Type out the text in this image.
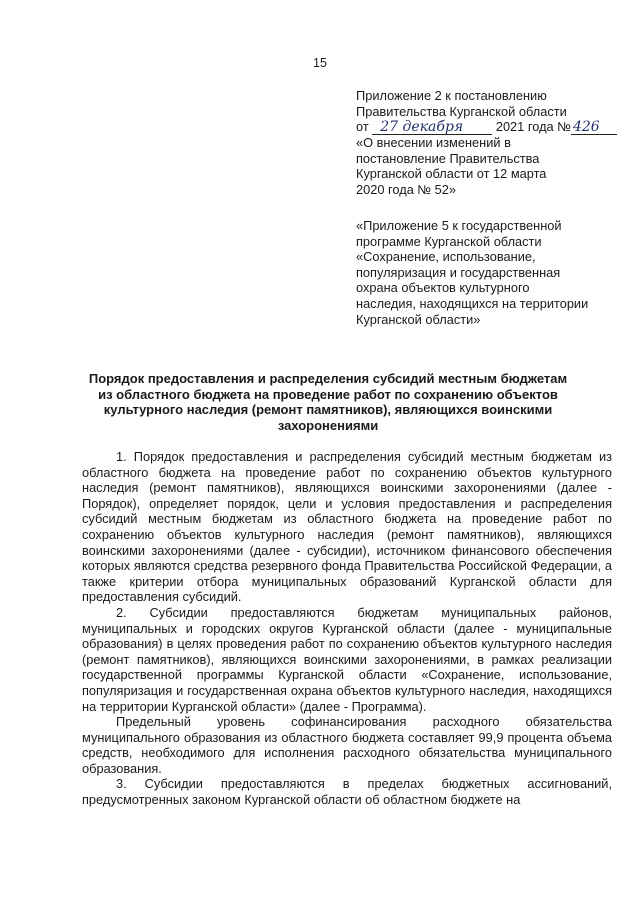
15
Приложение 2 к постановлению
Правительства Курганской области
от 27 декабря	2021 года № 426
«О внесении изменений в
постановление Правительства
Курганской области от 12 марта
2020 года № 52»
«Приложение 5 к государственной
программе Курганской области
«Сохранение, использование,
популяризация и государственная
охрана объектов культурного
наследия, находящихся на территории
Курганской области»
Порядок предоставления и распределения субсидий местным бюджетам
из областного бюджета на проведение работ по сохранению объектов
культурного наследия (ремонт памятников), являющихся воинскими
захоронениями

1. Порядок предоставления и распределения субсидий местным бюджетам из областного бюджета на проведение работ по сохранению объектов культурного наследия (ремонт памятников), являющихся воинскими захоронениями (далее - Порядок), определяет порядок, цели и условия предоставления и распределения субсидий местным бюджетам из областного бюджета на проведение работ по сохранению объектов культурного наследия (ремонт памятников), являющихся воинскими захоронениями (далее - субсидии), источником финансового обеспечения которых являются средства резервного фонда Правительства Российской Федерации, а также критерии отбора муниципальных образований Курганской области для предоставления субсидий.

2. Субсидии предоставляются бюджетам муниципальных районов, муниципальных и городских округов Курганской области (далее - муниципальные образования) в целях проведения работ по сохранению объектов культурного наследия (ремонт памятников), являющихся воинскими захоронениями, в рамках реализации государственной программы Курганской области «Сохранение, использование, популяризация и государственная охрана объектов культурного наследия, находящихся на территории Курганской области» (далее - Программа).

Предельный уровень софинансирования расходного обязательства муниципального образования из областного бюджета составляет 99,9 процента объема средств, необходимого для исполнения расходного обязательства муниципального образования.

3. Субсидии предоставляются в пределах бюджетных ассигнований, предусмотренных законом Курганской области об областном бюджете на
